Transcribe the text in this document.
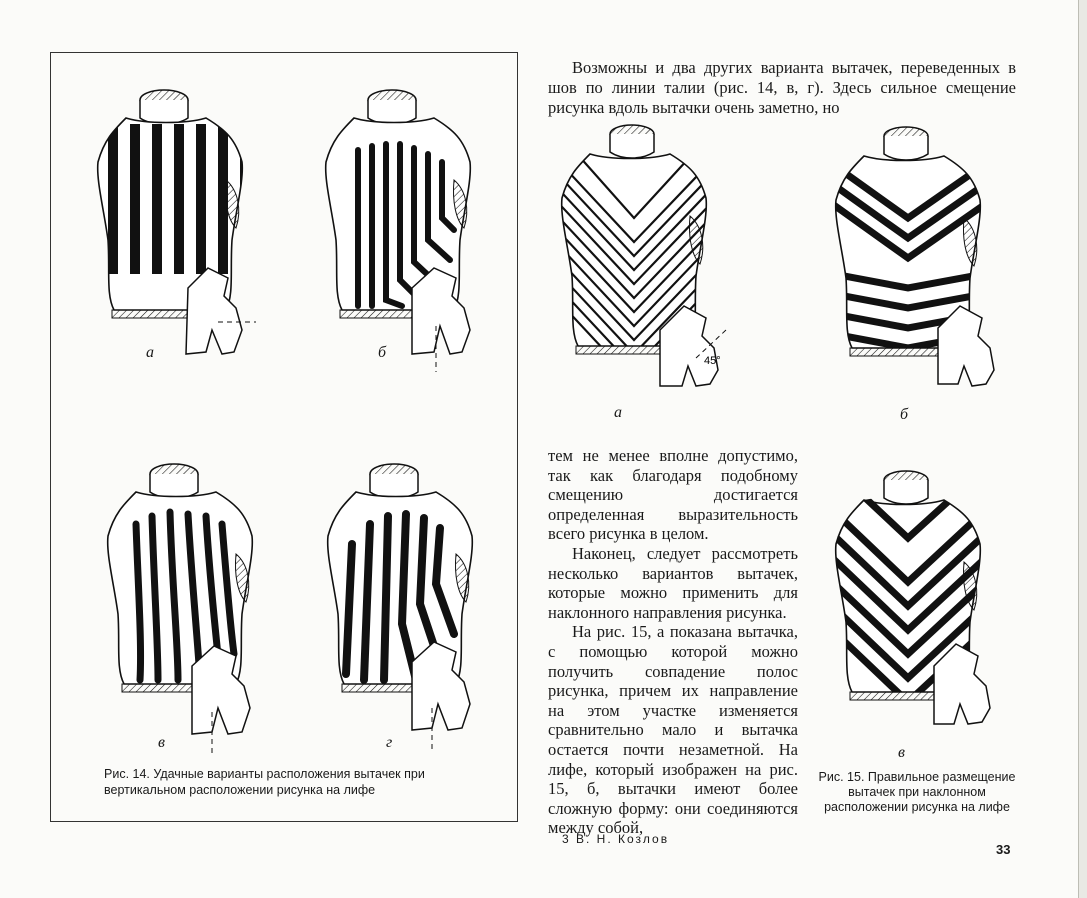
а	б
в	г
Рис. 14. Удачные варианты расположения вытачек при вертикальном расположении рисунка на лифе

Возможны и два других варианта вытачек, переведенных в шов по линии талии (рис. 14, в, г). Здесь сильное смещение рисунка вдоль вытачки очень заметно, но

45°
а	б

тем не менее вполне допустимо, так как благодаря подобному смещению достигается определенная выразительность всего рисунка в целом.

Наконец, следует рассмотреть несколько вариантов вытачек, которые можно применить для наклонного направления рисунка.

На рис. 15, а показана вытачка, с помощью которой можно получить совпадение полос рисунка, причем их направление на этом участке изменяется сравнительно мало и вытачка остается почти незаметной. На лифе, который изображен на рис. 15, б, вытачки имеют более сложную форму: они соединяются между собой,

в
Рис. 15. Правильное размещение вытачек при наклонном расположении рисунка на лифе
3 В. Н. Козлов
33
